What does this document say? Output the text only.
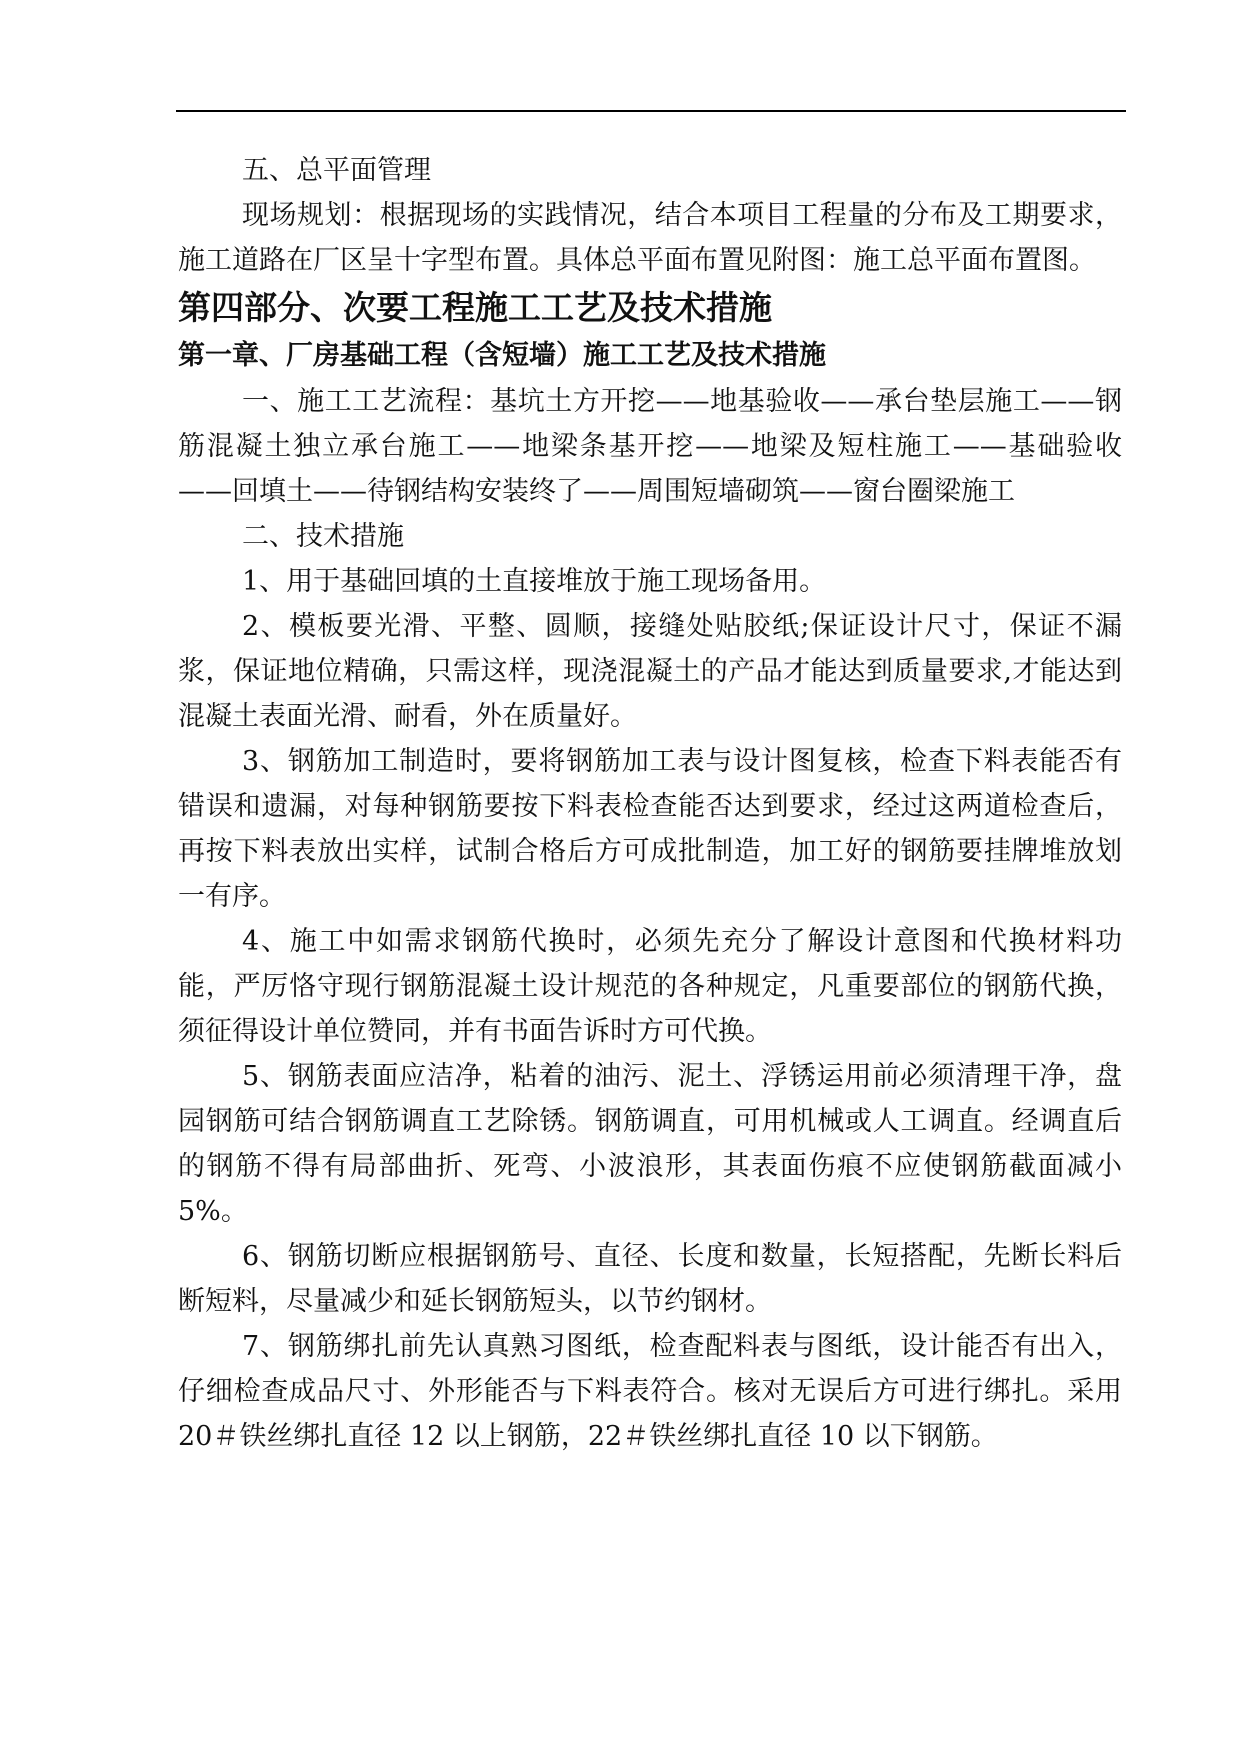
五、总平面管理

现场规划：根据现场的实践情况，结合本项目工程量的分布及工期要求，施工道路在厂区呈十字型布置。具体总平面布置见附图：施工总平面布置图。

第四部分、次要工程施工工艺及技术措施
第一章、厂房基础工程（含短墙）施工工艺及技术措施

一、施工工艺流程：基坑土方开挖——地基验收——承台垫层施工——钢筋混凝土独立承台施工——地梁条基开挖——地梁及短柱施工——基础验收——回填土——待钢结构安装终了——周围短墙砌筑——窗台圈梁施工

二、技术措施

1、用于基础回填的土直接堆放于施工现场备用。

2、模板要光滑、平整、圆顺，接缝处贴胶纸;保证设计尺寸，保证不漏浆，保证地位精确，只需这样，现浇混凝土的产品才能达到质量要求,才能达到混凝土表面光滑、耐看，外在质量好。

3、钢筋加工制造时，要将钢筋加工表与设计图复核，检查下料表能否有错误和遗漏，对每种钢筋要按下料表检查能否达到要求，经过这两道检查后，再按下料表放出实样，试制合格后方可成批制造，加工好的钢筋要挂牌堆放划一有序。

4、施工中如需求钢筋代换时，必须先充分了解设计意图和代换材料功能，严厉恪守现行钢筋混凝土设计规范的各种规定，凡重要部位的钢筋代换，须征得设计单位赞同，并有书面告诉时方可代换。

5、钢筋表面应洁净，粘着的油污、泥土、浮锈运用前必须清理干净，盘园钢筋可结合钢筋调直工艺除锈。钢筋调直，可用机械或人工调直。经调直后的钢筋不得有局部曲折、死弯、小波浪形，其表面伤痕不应使钢筋截面减小 5%。

6、钢筋切断应根据钢筋号、直径、长度和数量，长短搭配，先断长料后断短料，尽量减少和延长钢筋短头，以节约钢材。

7、钢筋绑扎前先认真熟习图纸，检查配料表与图纸，设计能否有出入，仔细检查成品尺寸、外形能否与下料表符合。核对无误后方可进行绑扎。采用 20＃铁丝绑扎直径 12 以上钢筋，22＃铁丝绑扎直径 10 以下钢筋。
